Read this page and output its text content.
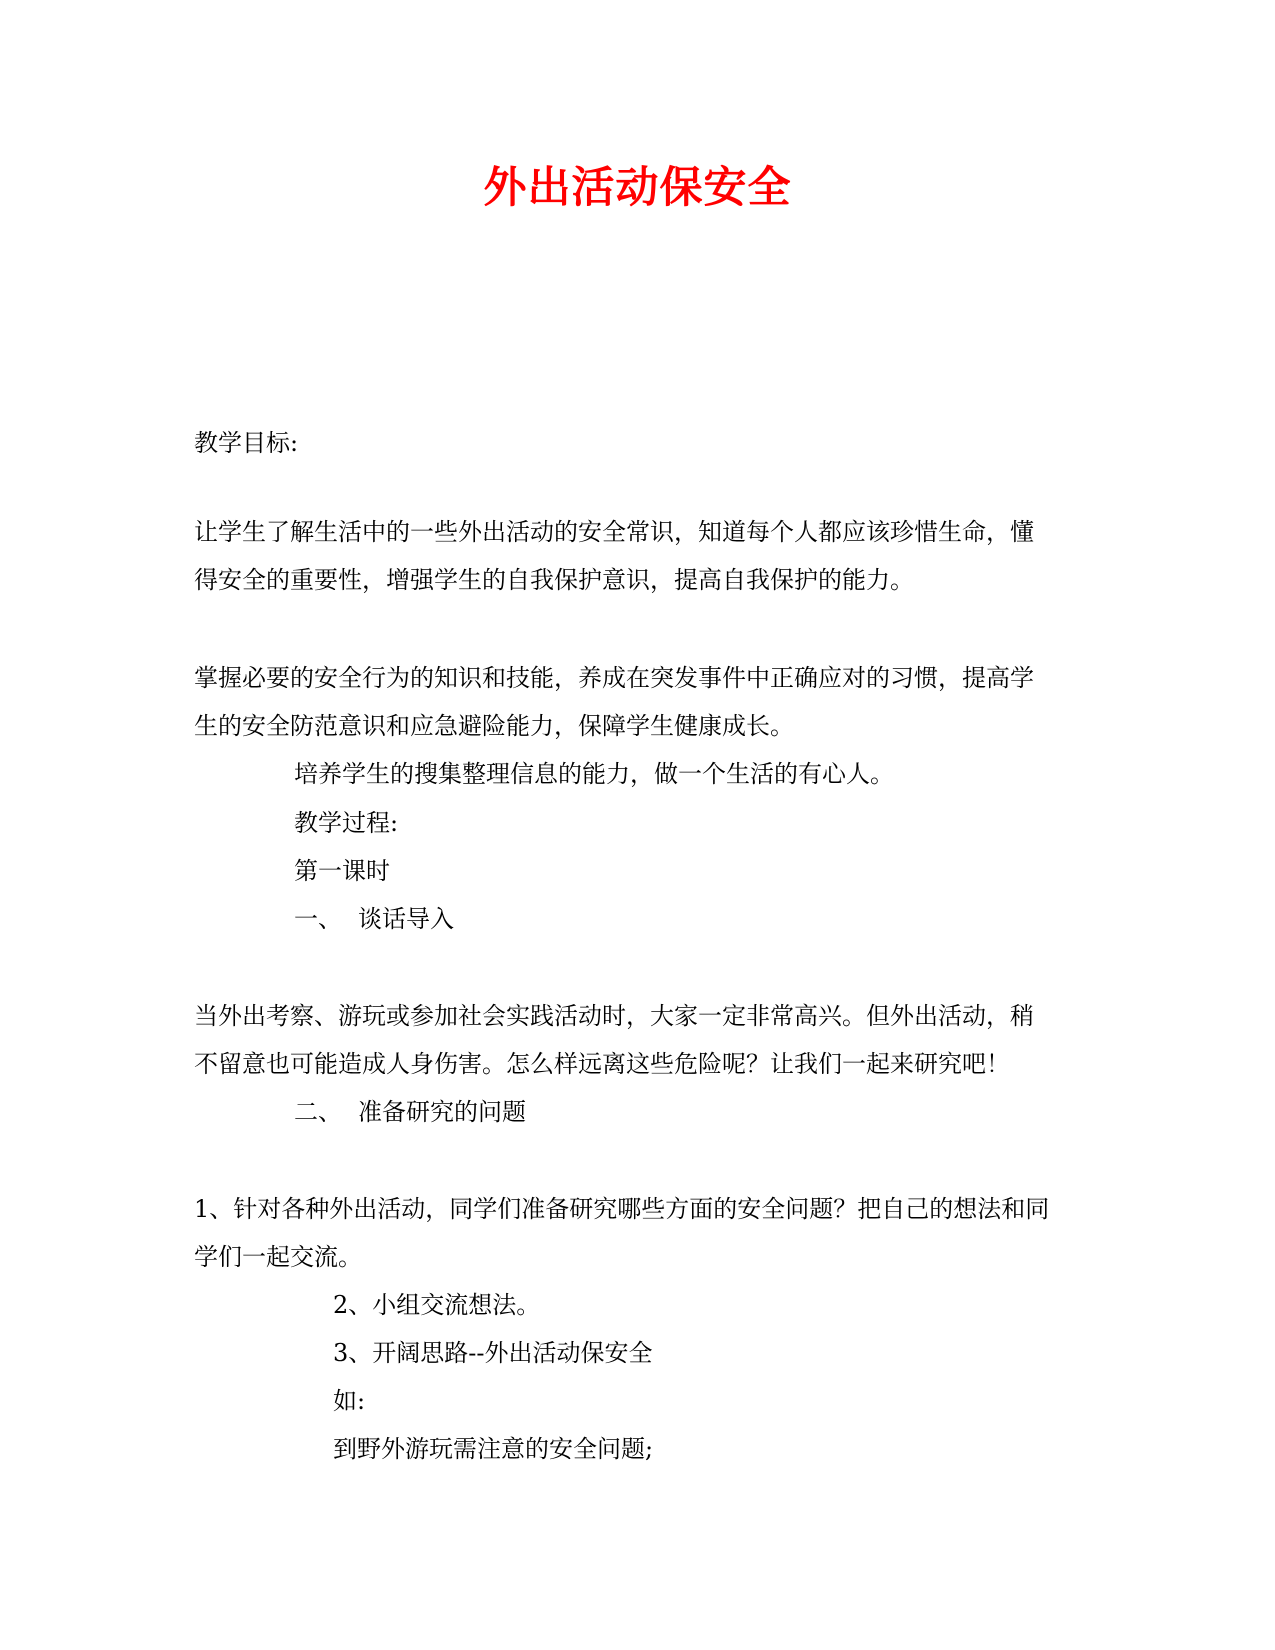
外出活动保安全
教学目标:
让学生了解生活中的一些外出活动的安全常识，知道每个人都应该珍惜生命，懂
得安全的重要性，增强学生的自我保护意识，提高自我保护的能力。
掌握必要的安全行为的知识和技能，养成在突发事件中正确应对的习惯，提高学
生的安全防范意识和应急避险能力，保障学生健康成长。
培养学生的搜集整理信息的能力，做一个生活的有心人。
教学过程:
第一课时
一、 谈话导入
当外出考察、游玩或参加社会实践活动时，大家一定非常高兴。但外出活动，稍
不留意也可能造成人身伤害。怎么样远离这些危险呢？让我们一起来研究吧！
二、 准备研究的问题
1、针对各种外出活动，同学们准备研究哪些方面的安全问题？把自己的想法和同
学们一起交流。
2、小组交流想法。
3、开阔思路--外出活动保安全
如:
到野外游玩需注意的安全问题;
